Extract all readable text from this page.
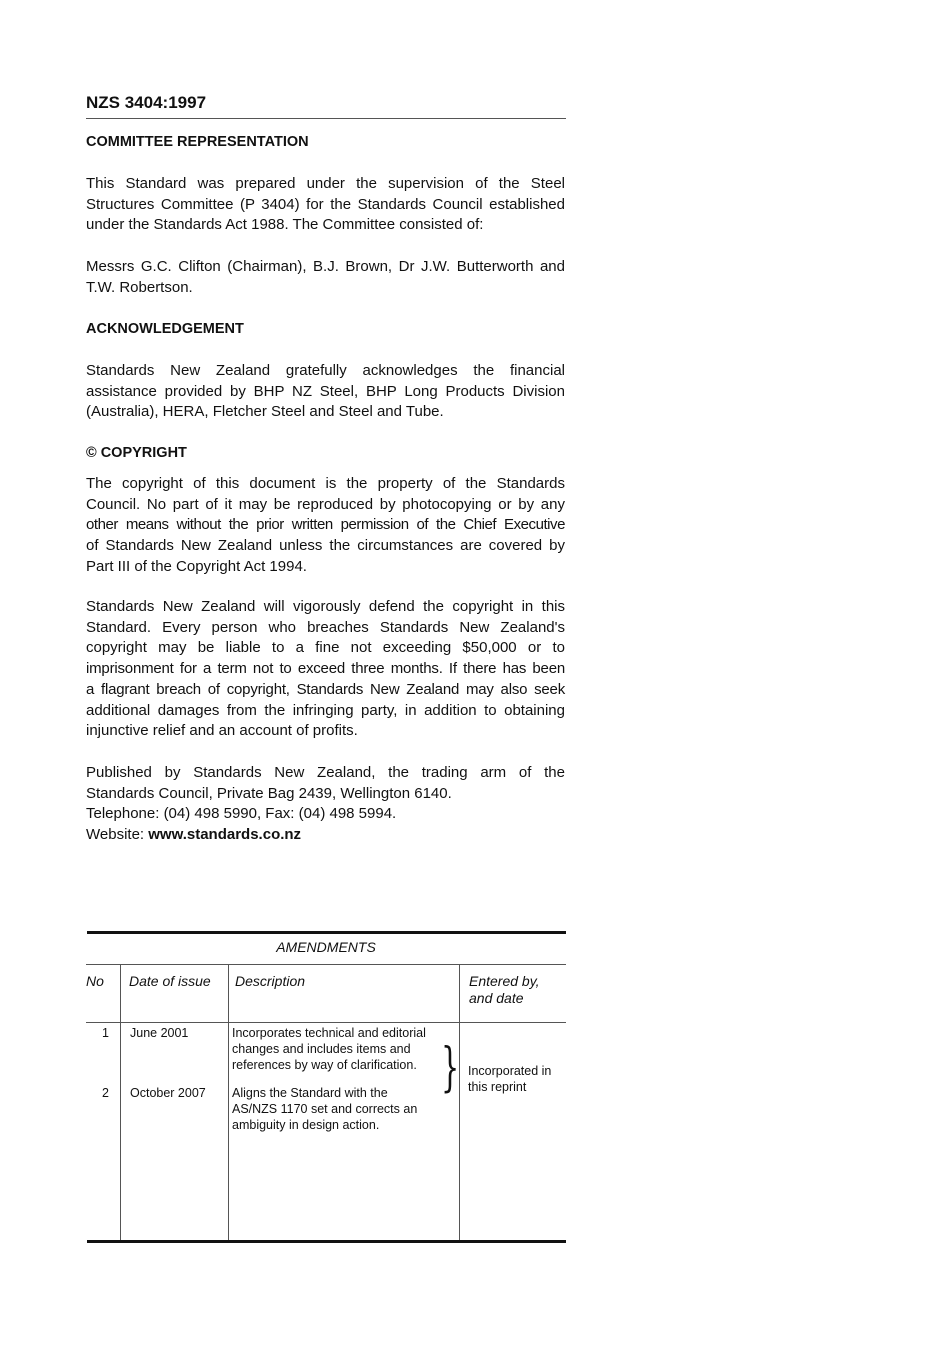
NZS 3404:1997
COMMITTEE REPRESENTATION
This Standard was prepared under the supervision of the Steel
Structures Committee (P 3404) for the Standards Council established
under the Standards Act 1988. The Committee consisted of:
Messrs G.C. Clifton (Chairman), B.J. Brown, Dr J.W. Butterworth and
T.W. Robertson.
ACKNOWLEDGEMENT
Standards New Zealand gratefully acknowledges the financial
assistance provided by BHP NZ Steel, BHP Long Products Division
(Australia), HERA, Fletcher Steel and Steel and Tube.
© COPYRIGHT
The copyright of this document is the property of the Standards
Council. No part of it may be reproduced by photocopying or by any
other means without the prior written permission of the Chief Executive
of Standards New Zealand unless the circumstances are covered by
Part III of the Copyright Act 1994.
Standards New Zealand will vigorously defend the copyright in this
Standard. Every person who breaches Standards New Zealand's
copyright may be liable to a fine not exceeding $50,000 or to
imprisonment for a term not to exceed three months. If there has been
a flagrant breach of copyright, Standards New Zealand may also seek
additional damages from the infringing party, in addition to obtaining
injunctive relief and an account of profits.
Published by Standards New Zealand, the trading arm of the
Standards Council, Private Bag 2439, Wellington 6140.
Telephone: (04) 498 5990, Fax: (04) 498 5994.
Website: www.standards.co.nz
AMENDMENTS
No Date of issue Description	Entered by,
and date
1 June 2001	Incorporates technical and editorial
changes and includes items and
references by way of clarification.
2 October 2007 Aligns the Standard with the
AS/NZS 1170 set and corrects an
ambiguity in design action.
} Incorporated in
this reprint
